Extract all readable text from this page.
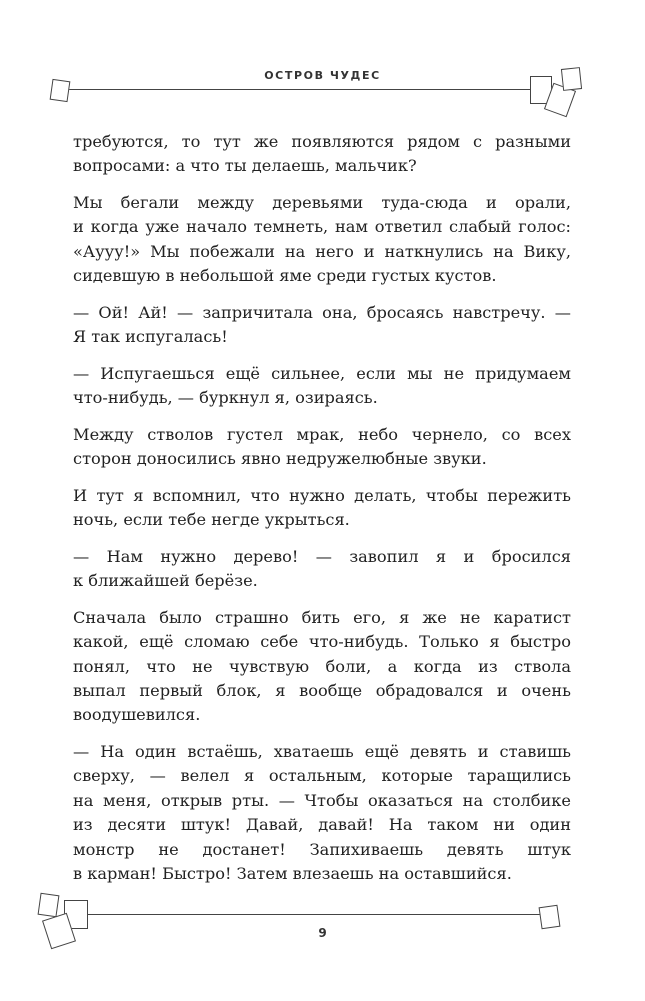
ОСТРОВ ЧУДЕС
требуются, то тут же появляются рядом с разными
вопросами: а что ты делаешь, мальчик?
Мы бегали между деревьями туда-сюда и орали,
и когда уже начало темнеть, нам ответил слабый голос:
«Аууу!» Мы побежали на него и наткнулись на Вику,
сидевшую в небольшой яме среди густых кустов.
— Ой! Ай! — запричитала она, бросаясь навстречу. —
Я так испугалась!
— Испугаешься ещё сильнее, если мы не придумаем
что-нибудь, — буркнул я, озираясь.
Между стволов густел мрак, небо чернело, со всех
сторон доносились явно недружелюбные звуки.
И тут я вспомнил, что нужно делать, чтобы пережить
ночь, если тебе негде укрыться.
— Нам нужно дерево! — завопил я и бросился
к ближайшей берёзе.
Сначала было страшно бить его, я же не каратист
какой, ещё сломаю себе что-нибудь. Только я быстро
понял, что не чувствую боли, а когда из ствола
выпал первый блок, я вообще обрадовался и очень
воодушевился.
— На один встаёшь, хватаешь ещё девять и ставишь
сверху, — велел я остальным, которые таращились
на меня, открыв рты. — Чтобы оказаться на столбике
из десяти штук! Давай, давай! На таком ни один
монстр не достанет! Запихиваешь девять штук
в карман! Быстро! Затем влезаешь на оставшийся.
9
